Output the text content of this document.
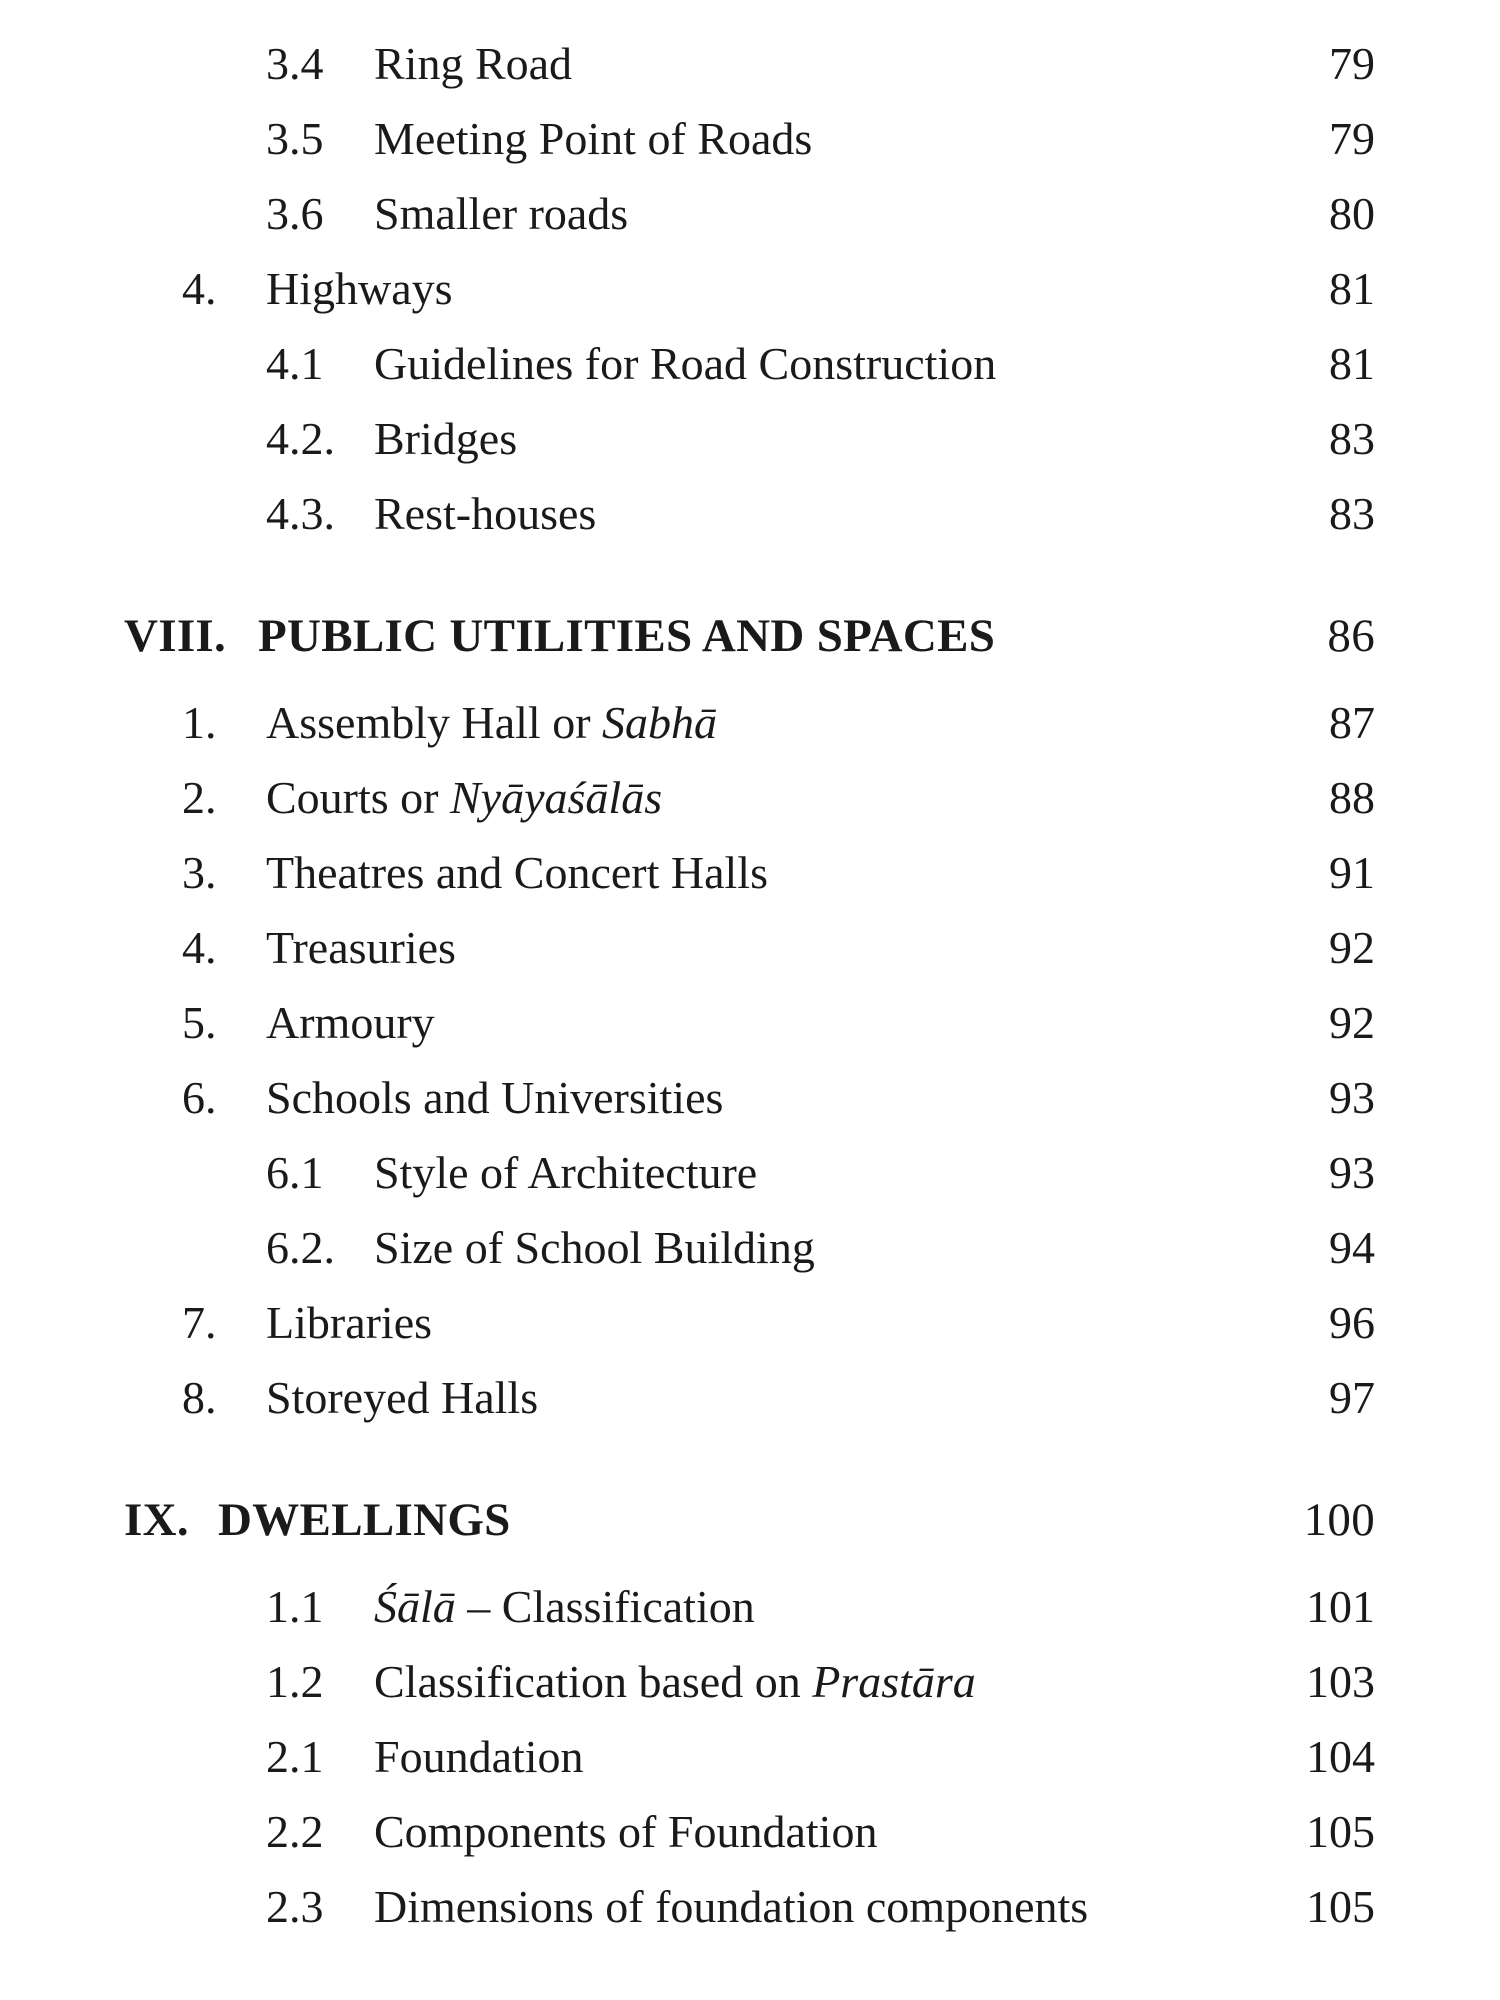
3.4 Ring Road	79
3.5 Meeting Point of Roads	79
3.6 Smaller roads	80
4. Highways	81
4.1 Guidelines for Road Construction	81
4.2. Bridges	83
4.3. Rest-houses	83
VIII. PUBLIC UTILITIES AND SPACES	86
1. Assembly Hall or Sabhā	87
2. Courts or Nyāyaśālās	88
3. Theatres and Concert Halls	91
4. Treasuries	92
5. Armoury	92
6. Schools and Universities	93
6.1 Style of Architecture	93
6.2. Size of School Building	94
7. Libraries	96
8. Storeyed Halls	97
IX. DWELLINGS	100
1.1 Śālā – Classification	101
1.2 Classification based on Prastāra	103
2.1 Foundation	104
2.2 Components of Foundation	105
2.3 Dimensions of foundation components	105
